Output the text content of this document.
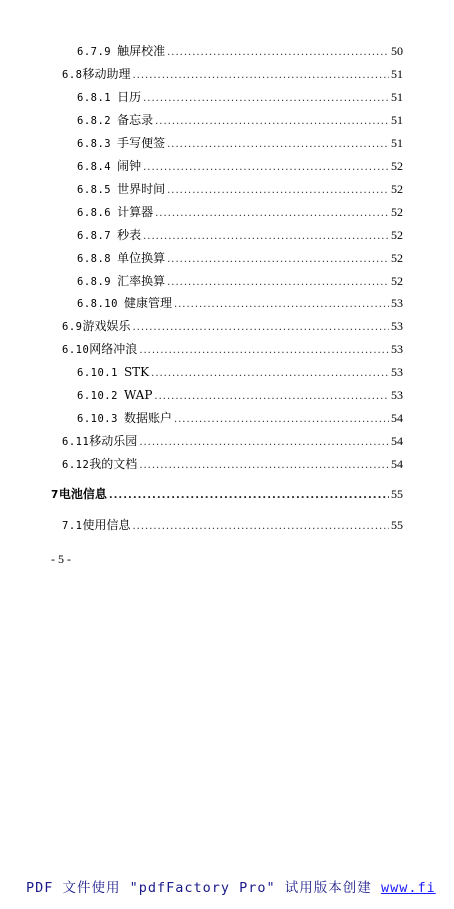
6.7.9 触屏校准 .....	50
6.8 移动助理 .....	51
6.8.1 日历 .....	51
6.8.2 备忘录 .....	51
6.8.3 手写便签 .....	51
6.8.4 闹钟 .....	52
6.8.5 世界时间 .....	52
6.8.6 计算器 .....	52
6.8.7 秒表 .....	52
6.8.8 单位换算 .....	52
6.8.9 汇率换算 .....	52
6.8.10 健康管理 .....	53
6.9 游戏娱乐 .....	53
6.10 网络冲浪 .....	53
6.10.1 STK .....	53
6.10.2 WAP .....	53
6.10.3 数据账户 .....	54
6.11 移动乐园 .....	54
6.12 我的文档 .....	54
7 电池信息 .....	55
7.1 使用信息 .....	55
- 5 -
PDF 文件使用 "pdfFactory Pro" 试用版本创建 www.fi
